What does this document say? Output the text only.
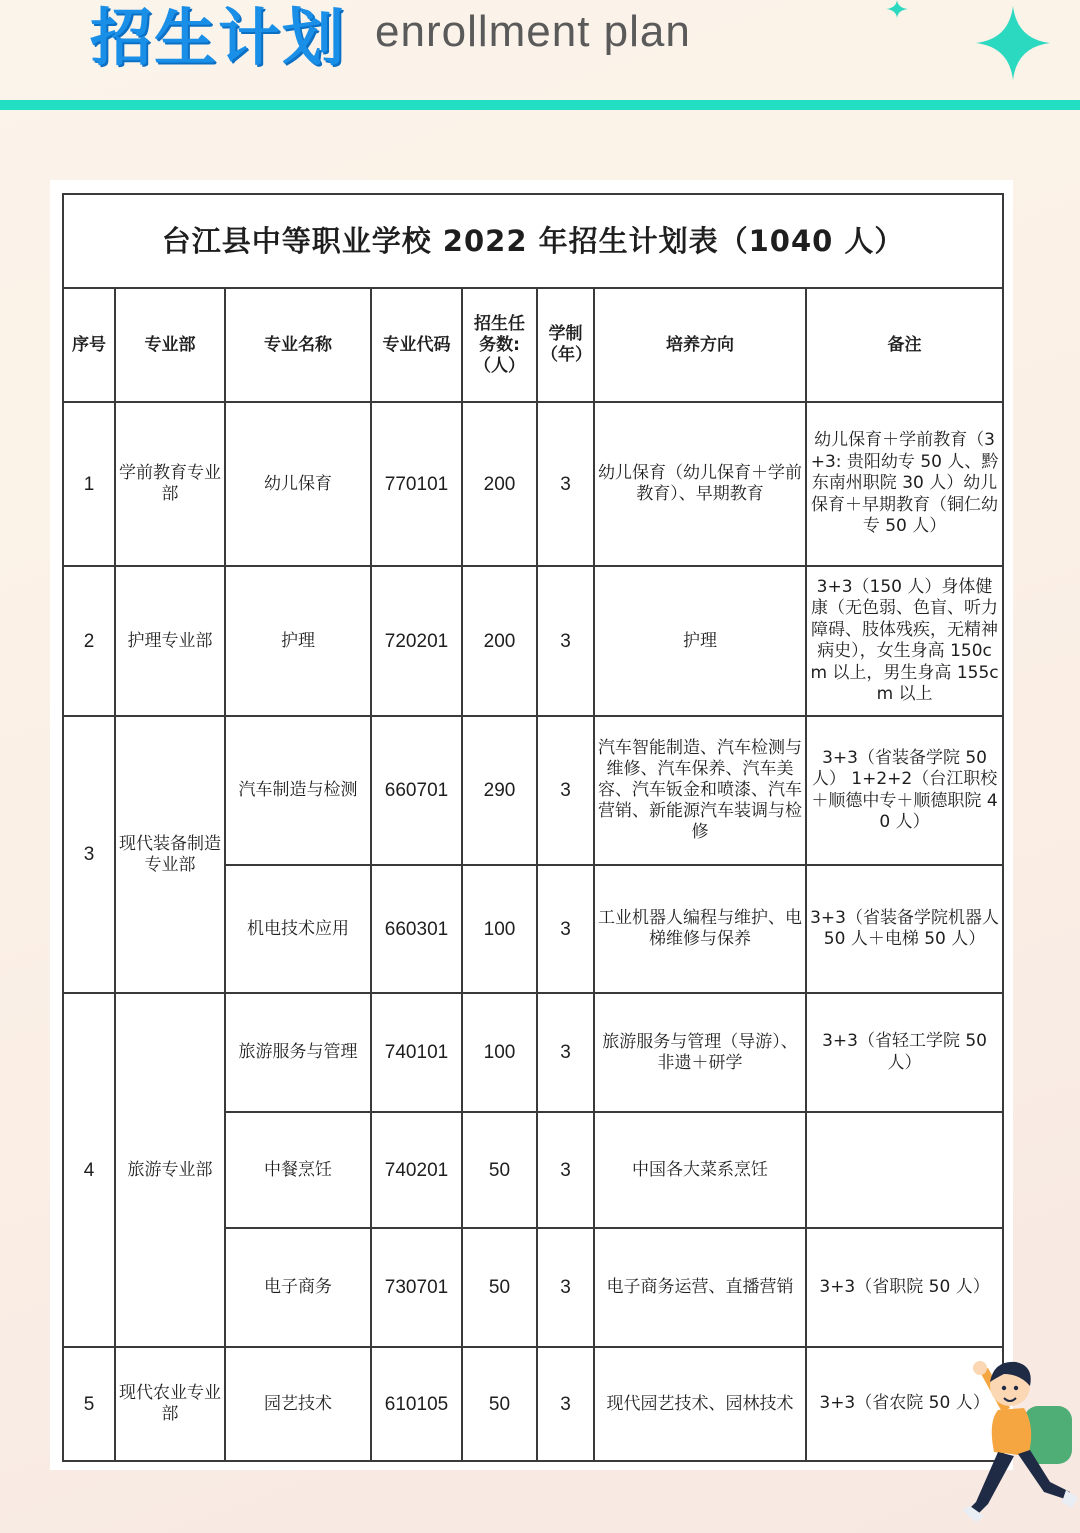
招生计划 enrollment plan
台江县中等职业学校 2022 年招生计划表（1040 人）							
序号	专业部	专业名称	专业代码	招生任务数:（人）	学制（年）	培养方向	备注
1	学前教育专业部	幼儿保育	770101	200	3	幼儿保育（幼儿保育＋学前教育）、早期教育	幼儿保育＋学前教育（3+3: 贵阳幼专 50 人、黔东南州职院 30 人）幼儿保育＋早期教育（铜仁幼专 50 人）
2	护理专业部	护理	720201	200	3	护理	3+3（150 人）身体健康（无色弱、色盲、听力障碍、肢体残疾，无精神病史），女生身高 150cm 以上，男生身高 155cm 以上
3	现代装备制造专业部	汽车制造与检测	660701	290	3	汽车智能制造、汽车检测与维修、汽车保养、汽车美容、汽车钣金和喷漆、汽车营销、新能源汽车装调与检修	3+3（省装备学院 50 人） 1+2+2（台江职校＋顺德中专＋顺德职院 40 人）
		机电技术应用	660301	100	3	工业机器人编程与维护、电梯维修与保养	3+3（省装备学院机器人 50 人＋电梯 50 人）
4	旅游专业部	旅游服务与管理	740101	100	3	旅游服务与管理（导游）、非遗＋研学	3+3（省轻工学院 50 人）
		中餐烹饪	740201	50	3	中国各大菜系烹饪	
		电子商务	730701	50	3	电子商务运营、直播营销	3+3（省职院 50 人）
5	现代农业专业部	园艺技术	610105	50	3	现代园艺技术、园林技术	3+3（省农院 50 人）
